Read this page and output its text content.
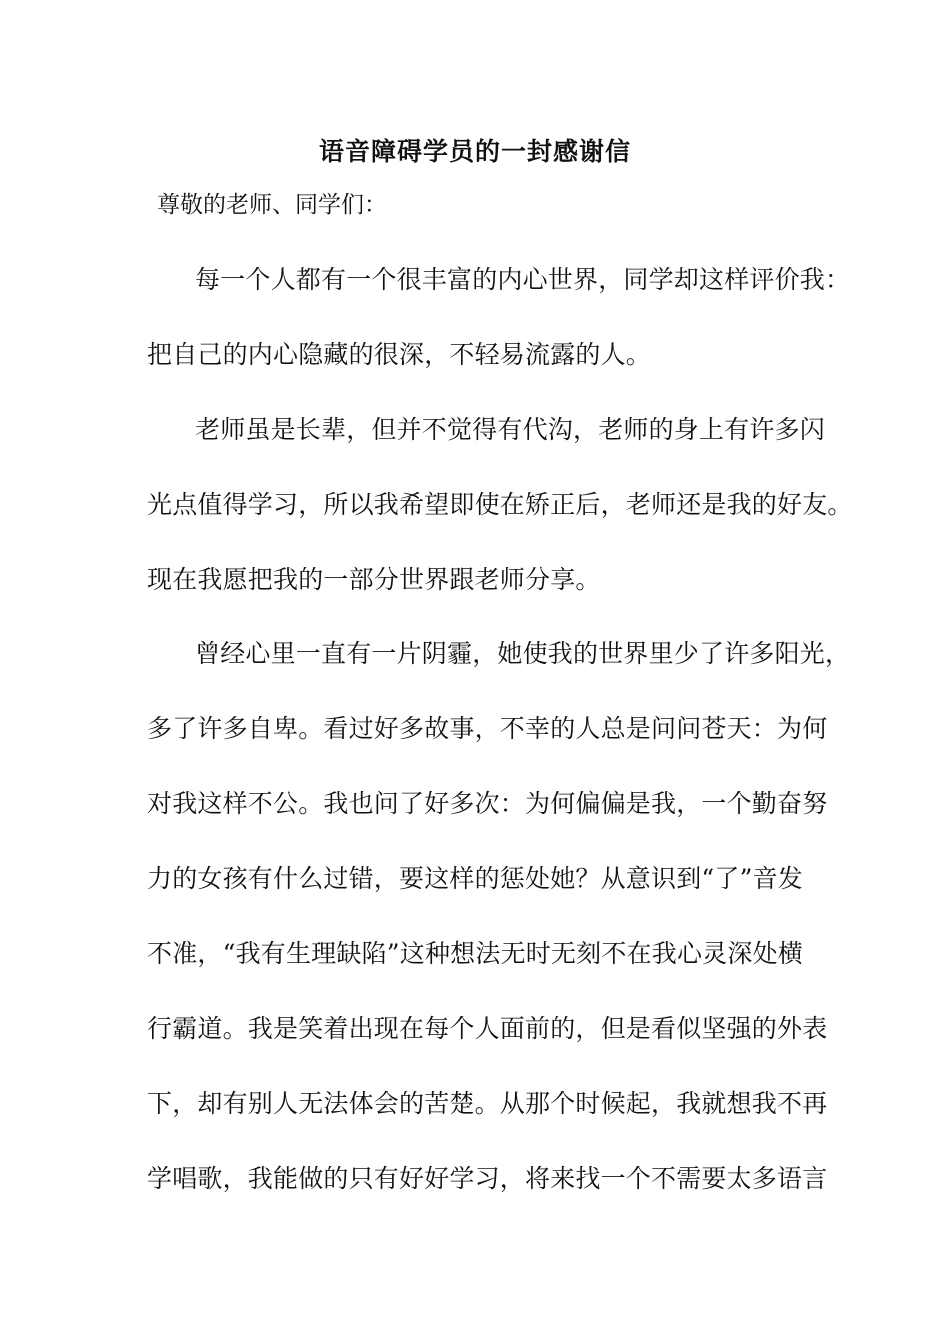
语音障碍学员的一封感谢信

尊敬的老师、同学们：

每一个人都有一个很丰富的内心世界，同学却这样评价我：

把自己的内心隐藏的很深，不轻易流露的人。

老师虽是长辈，但并不觉得有代沟，老师的身上有许多闪

光点值得学习，所以我希望即使在矫正后，老师还是我的好友。

现在我愿把我的一部分世界跟老师分享。

曾经心里一直有一片阴霾，她使我的世界里少了许多阳光，

多了许多自卑。看过好多故事，不幸的人总是问问苍天：为何

对我这样不公。我也问了好多次：为何偏偏是我，一个勤奋努

力的女孩有什么过错，要这样的惩处她？从意识到“了”音发

不准，“我有生理缺陷”这种想法无时无刻不在我心灵深处横

行霸道。我是笑着出现在每个人面前的，但是看似坚强的外表

下，却有别人无法体会的苦楚。从那个时候起，我就想我不再

学唱歌，我能做的只有好好学习，将来找一个不需要太多语言
